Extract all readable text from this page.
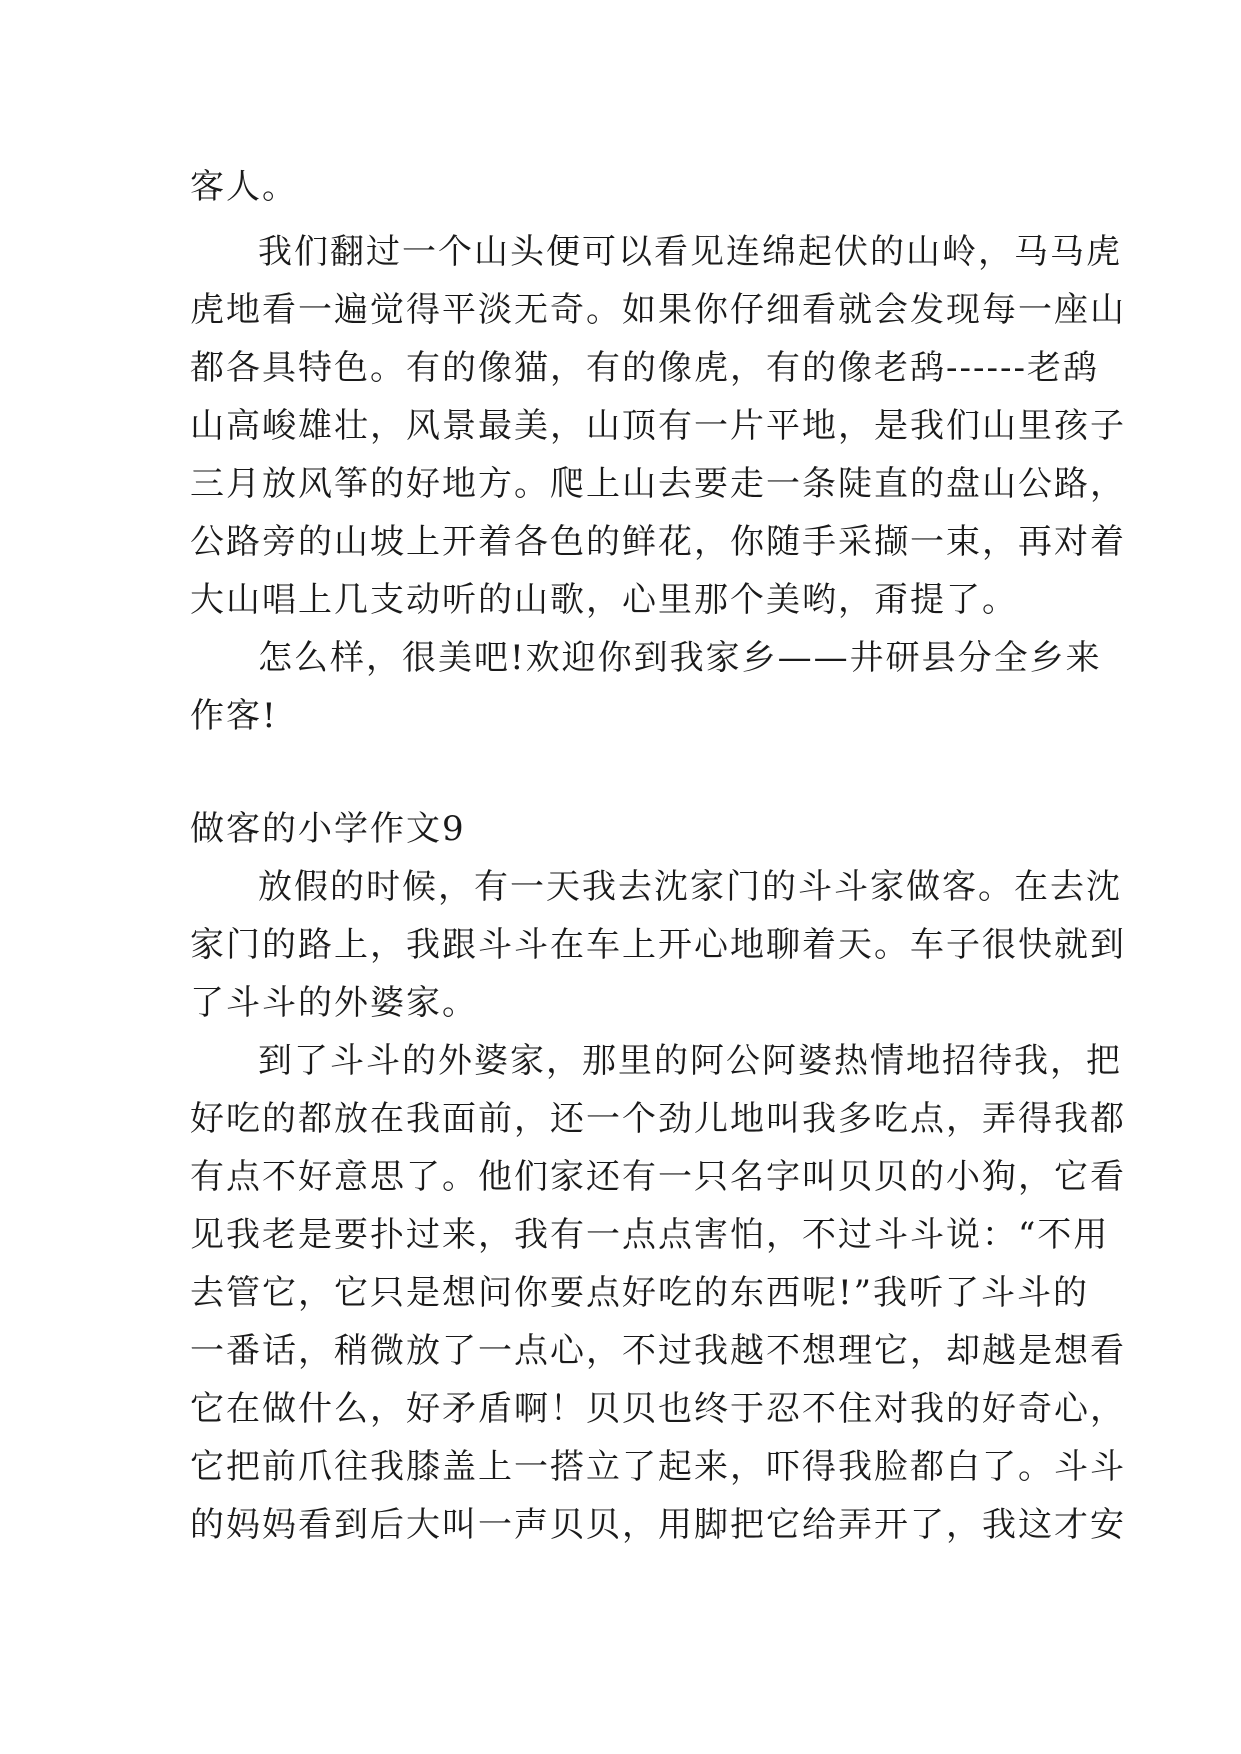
客人。
我们翻过一个山头便可以看见连绵起伏的山岭，马马虎
虎地看一遍觉得平淡无奇。如果你仔细看就会发现每一座山
都各具特色。有的像猫，有的像虎，有的像老鸹------老鸹
山高峻雄壮，风景最美，山顶有一片平地，是我们山里孩子
三月放风筝的好地方。爬上山去要走一条陡直的盘山公路，
公路旁的山坡上开着各色的鲜花，你随手采撷一束，再对着
大山唱上几支动听的山歌，心里那个美哟，甭提了。
怎么样，很美吧!欢迎你到我家乡——井研县分全乡来
作客!
做客的小学作文9
放假的时候，有一天我去沈家门的斗斗家做客。在去沈
家门的路上，我跟斗斗在车上开心地聊着天。车子很快就到
了斗斗的外婆家。
到了斗斗的外婆家，那里的阿公阿婆热情地招待我，把
好吃的都放在我面前，还一个劲儿地叫我多吃点，弄得我都
有点不好意思了。他们家还有一只名字叫贝贝的小狗，它看
见我老是要扑过来，我有一点点害怕，不过斗斗说：“不用
去管它，它只是想问你要点好吃的东西呢!”我听了斗斗的
一番话，稍微放了一点心，不过我越不想理它，却越是想看
它在做什么，好矛盾啊！贝贝也终于忍不住对我的好奇心，
它把前爪往我膝盖上一搭立了起来，吓得我脸都白了。斗斗
的妈妈看到后大叫一声贝贝，用脚把它给弄开了，我这才安
